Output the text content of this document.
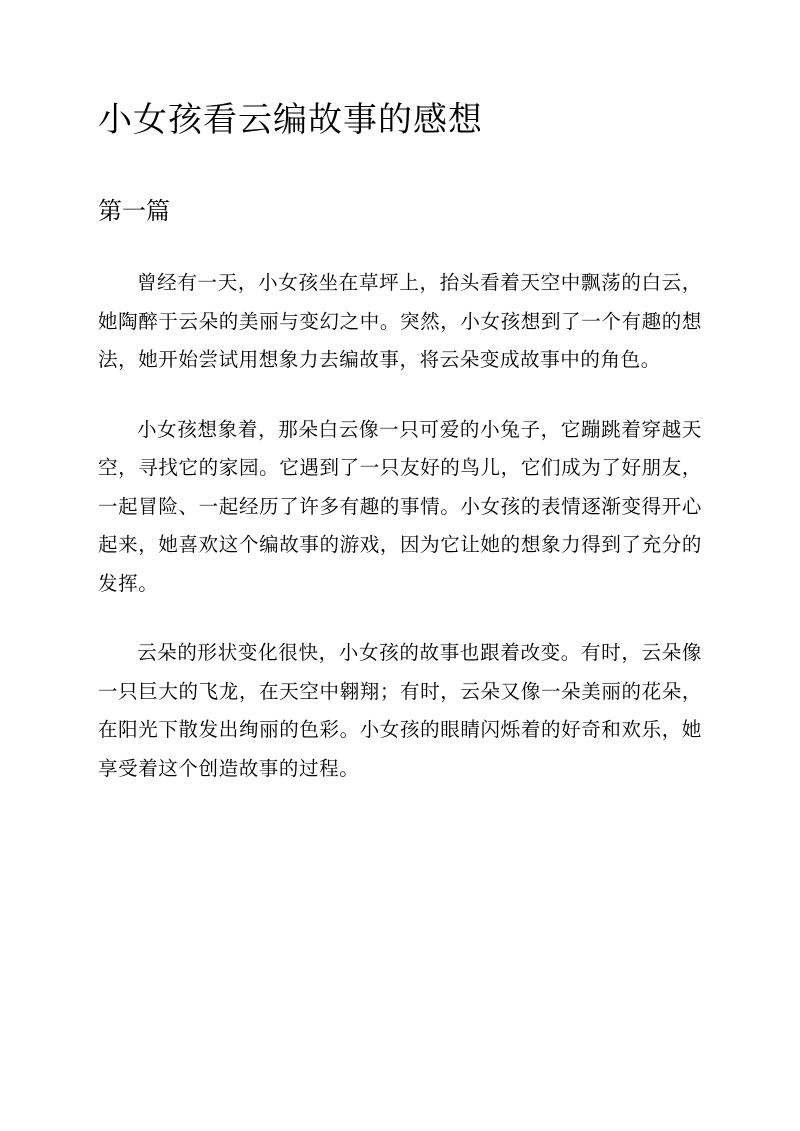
小女孩看云编故事的感想
第一篇

曾经有一天，小女孩坐在草坪上，抬头看着天空中飘荡的白云，她陶醉于云朵的美丽与变幻之中。突然，小女孩想到了一个有趣的想法，她开始尝试用想象力去编故事，将云朵变成故事中的角色。

小女孩想象着，那朵白云像一只可爱的小兔子，它蹦跳着穿越天空，寻找它的家园。它遇到了一只友好的鸟儿，它们成为了好朋友，一起冒险、一起经历了许多有趣的事情。小女孩的表情逐渐变得开心起来，她喜欢这个编故事的游戏，因为它让她的想象力得到了充分的发挥。

云朵的形状变化很快，小女孩的故事也跟着改变。有时，云朵像一只巨大的飞龙，在天空中翱翔；有时，云朵又像一朵美丽的花朵，在阳光下散发出绚丽的色彩。小女孩的眼睛闪烁着的好奇和欢乐，她享受着这个创造故事的过程。
